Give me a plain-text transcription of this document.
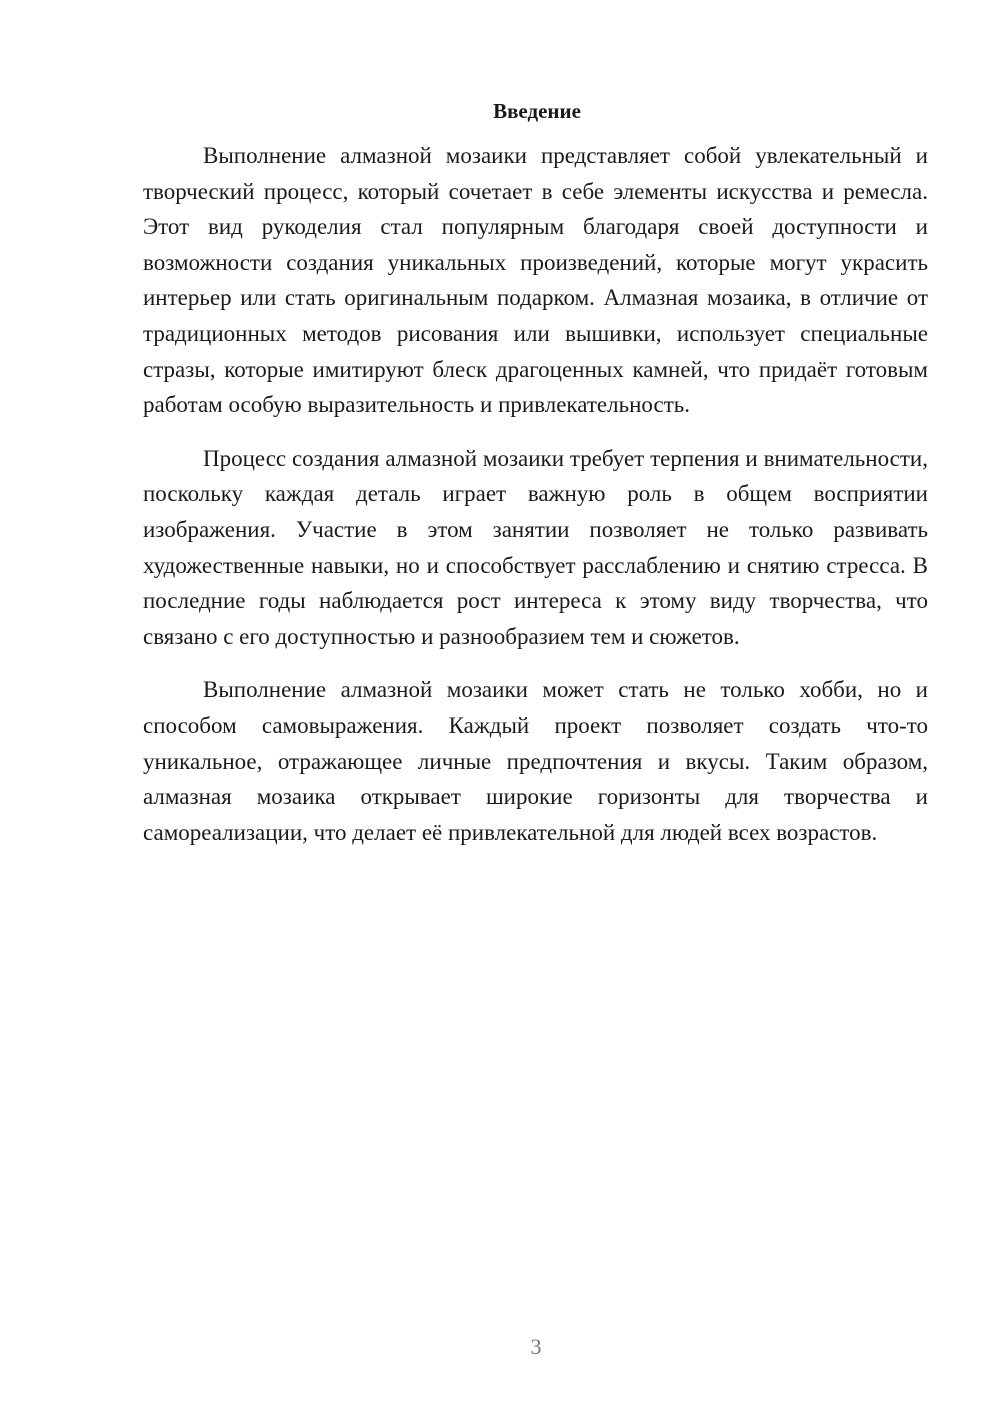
Введение

Выполнение алмазной мозаики представляет собой увлекательный и творческий процесс, который сочетает в себе элементы искусства и ремесла. Этот вид рукоделия стал популярным благодаря своей доступности и возможности создания уникальных произведений, которые могут украсить интерьер или стать оригинальным подарком. Алмазная мозаика, в отличие от традиционных методов рисования или вышивки, использует специальные стразы, которые имитируют блеск драгоценных камней, что придаёт готовым работам особую выразительность и привлекательность.

Процесс создания алмазной мозаики требует терпения и внимательности, поскольку каждая деталь играет важную роль в общем восприятии изображения. Участие в этом занятии позволяет не только развивать художественные навыки, но и способствует расслаблению и снятию стресса. В последние годы наблюдается рост интереса к этому виду творчества, что связано с его доступностью и разнообразием тем и сюжетов.

Выполнение алмазной мозаики может стать не только хобби, но и способом самовыражения. Каждый проект позволяет создать что-то уникальное, отражающее личные предпочтения и вкусы. Таким образом, алмазная мозаика открывает широкие горизонты для творчества и самореализации, что делает её привлекательной для людей всех возрастов.

3
